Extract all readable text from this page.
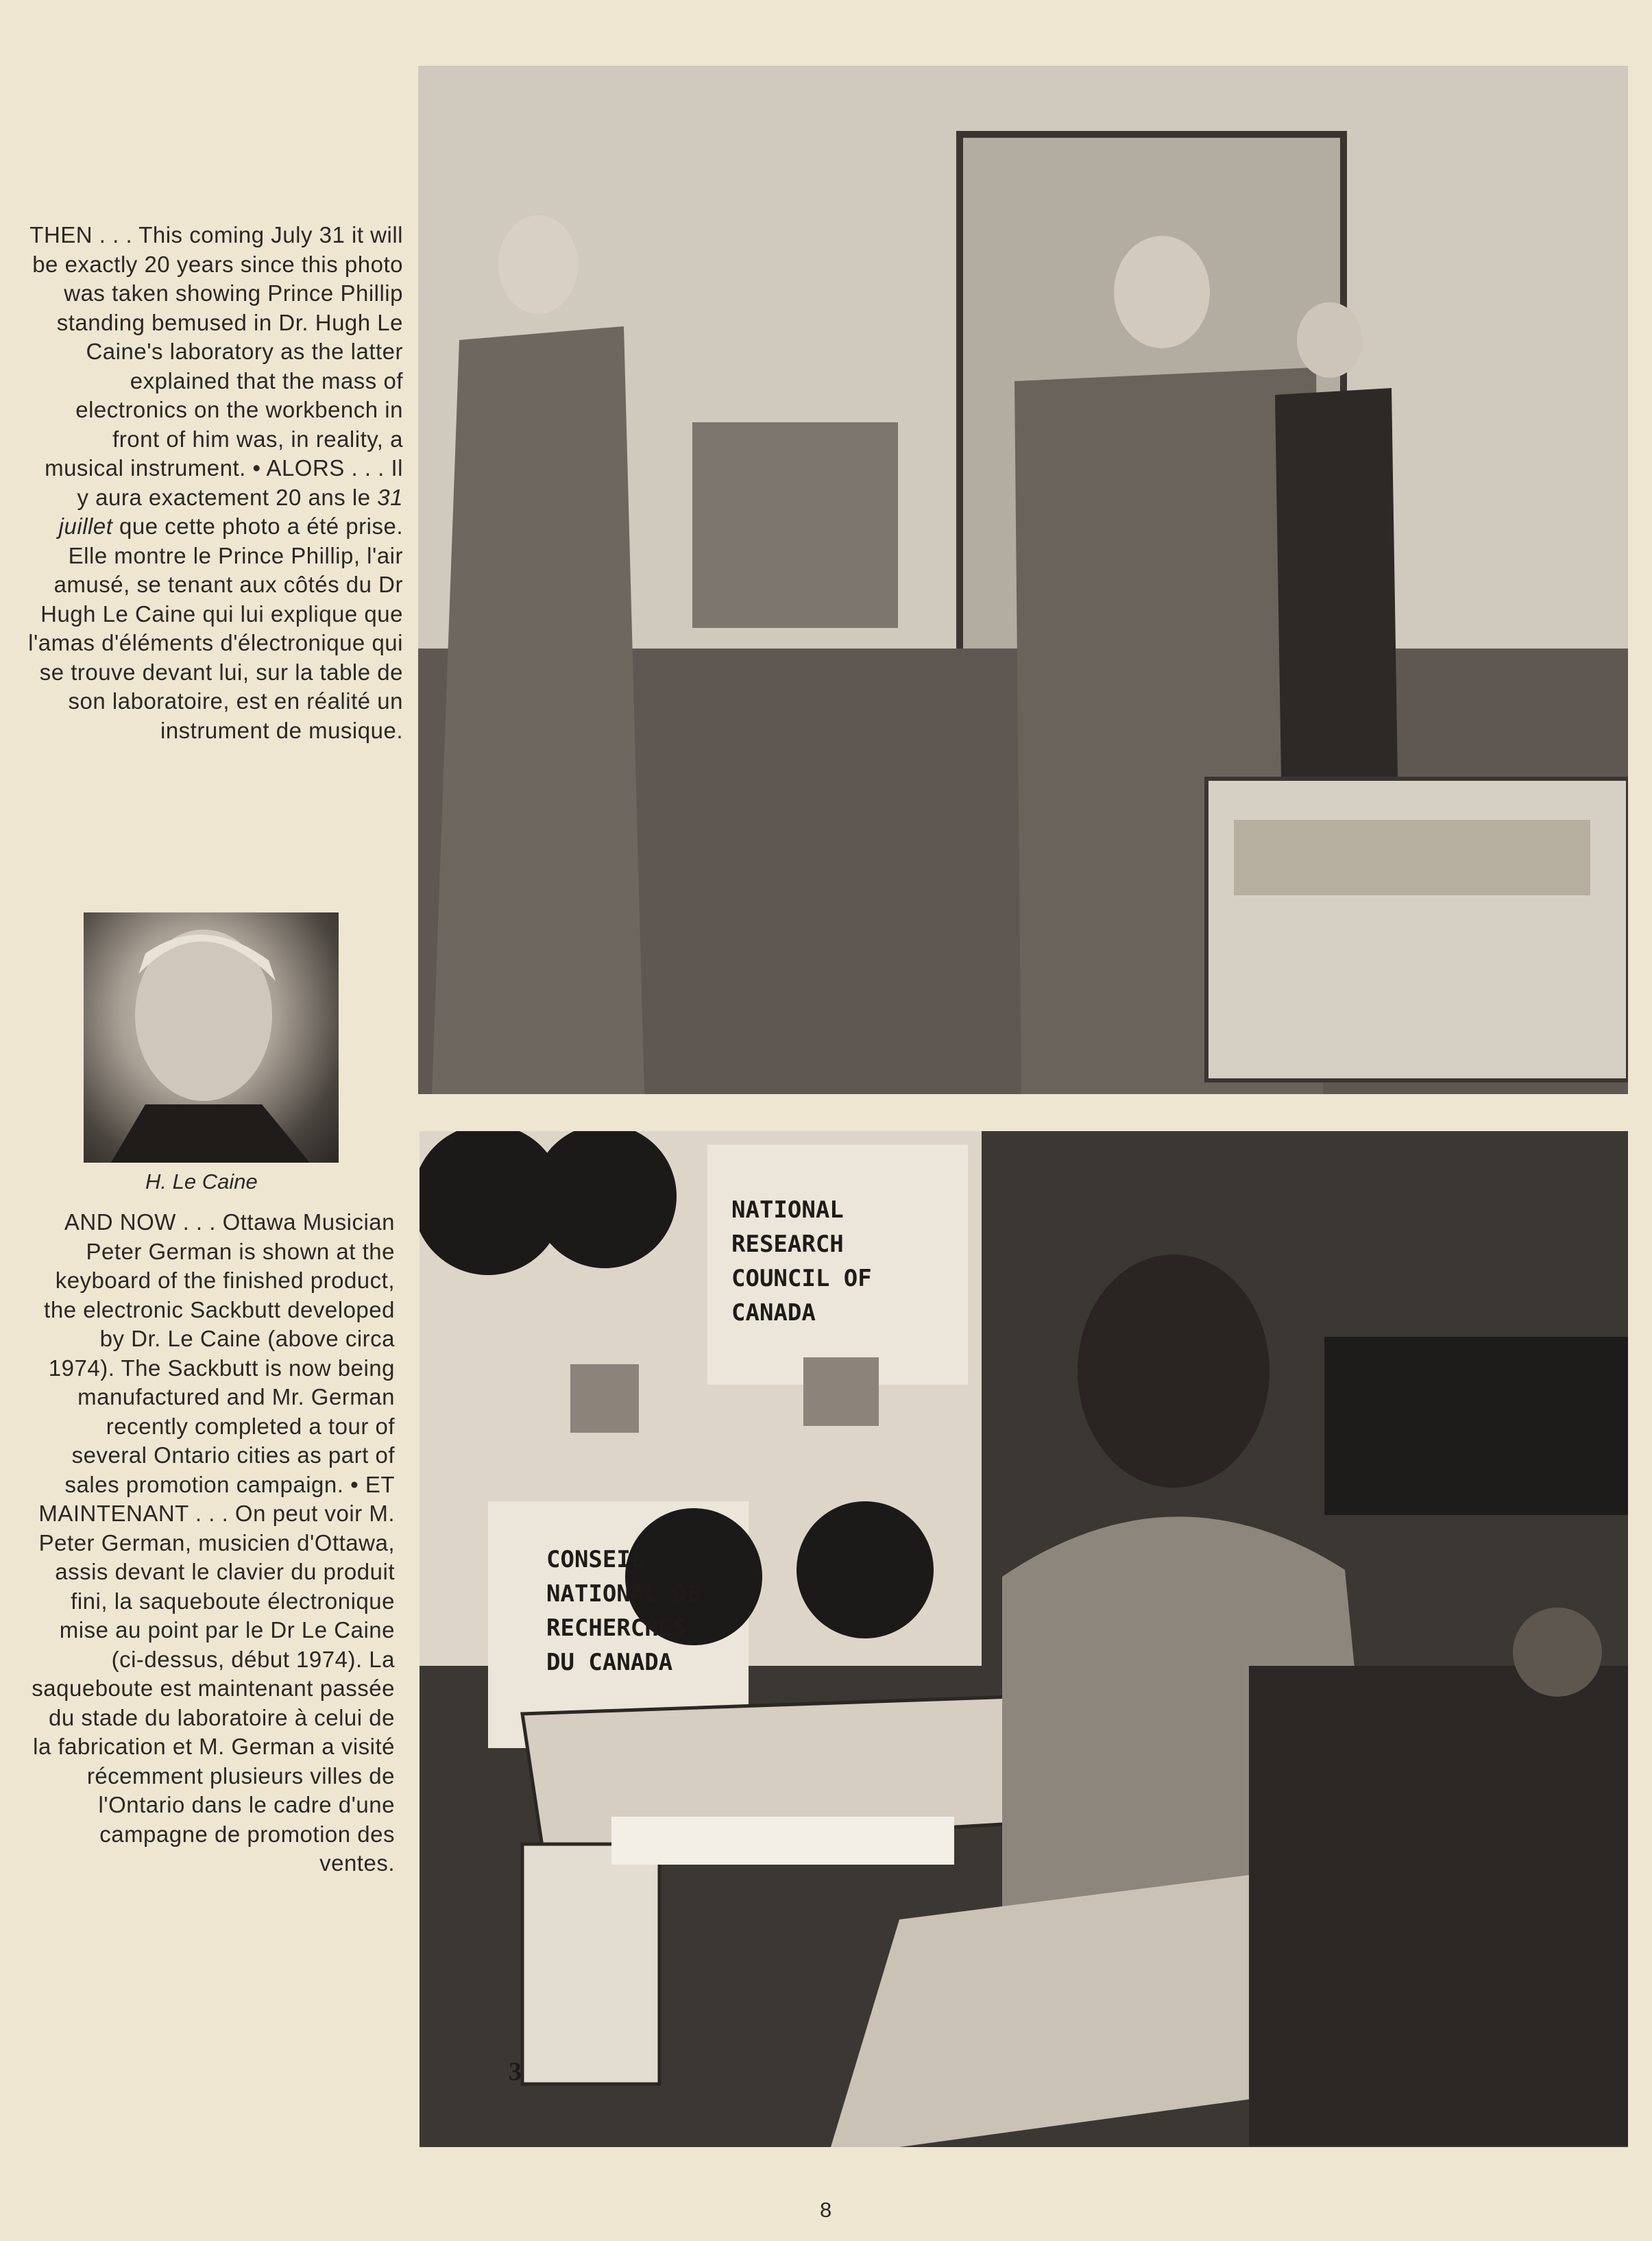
THEN . . . This coming July 31 it will be exactly 20 years since this photo was taken showing Prince Phillip standing bemused in Dr. Hugh Le Caine's laboratory as the latter explained that the mass of electronics on the workbench in front of him was, in reality, a musical instrument. • ALORS . . . Il y aura exactement 20 ans le 31 juillet que cette photo a été prise. Elle montre le Prince Phillip, l'air amusé, se tenant aux côtés du Dr Hugh Le Caine qui lui explique que l'amas d'éléments d'électronique qui se trouve devant lui, sur la table de son laboratoire, est en réalité un instrument de musique.

H. Le Caine

AND NOW . . . Ottawa Musician Peter German is shown at the keyboard of the finished product, the electronic Sackbutt developed by Dr. Le Caine (above circa 1974). The Sackbutt is now being manufactured and Mr. German recently completed a tour of several Ontario cities as part of sales promotion campaign. • ET MAINTENANT . . . On peut voir M. Peter German, musicien d'Ottawa, assis devant le clavier du produit fini, la saqueboute électronique mise au point par le Dr Le Caine (ci-dessus, début 1974). La saqueboute est maintenant passée du stade du laboratoire à celui de la fabrication et M. German a visité récemment plusieurs villes de l'Ontario dans le cadre d'une campagne de promotion des ventes.

NATIONAL RESEARCH COUNCIL OF CANADA
CONSEIL NATIONAL DE RECHERCHES DU CANADA
3
8
